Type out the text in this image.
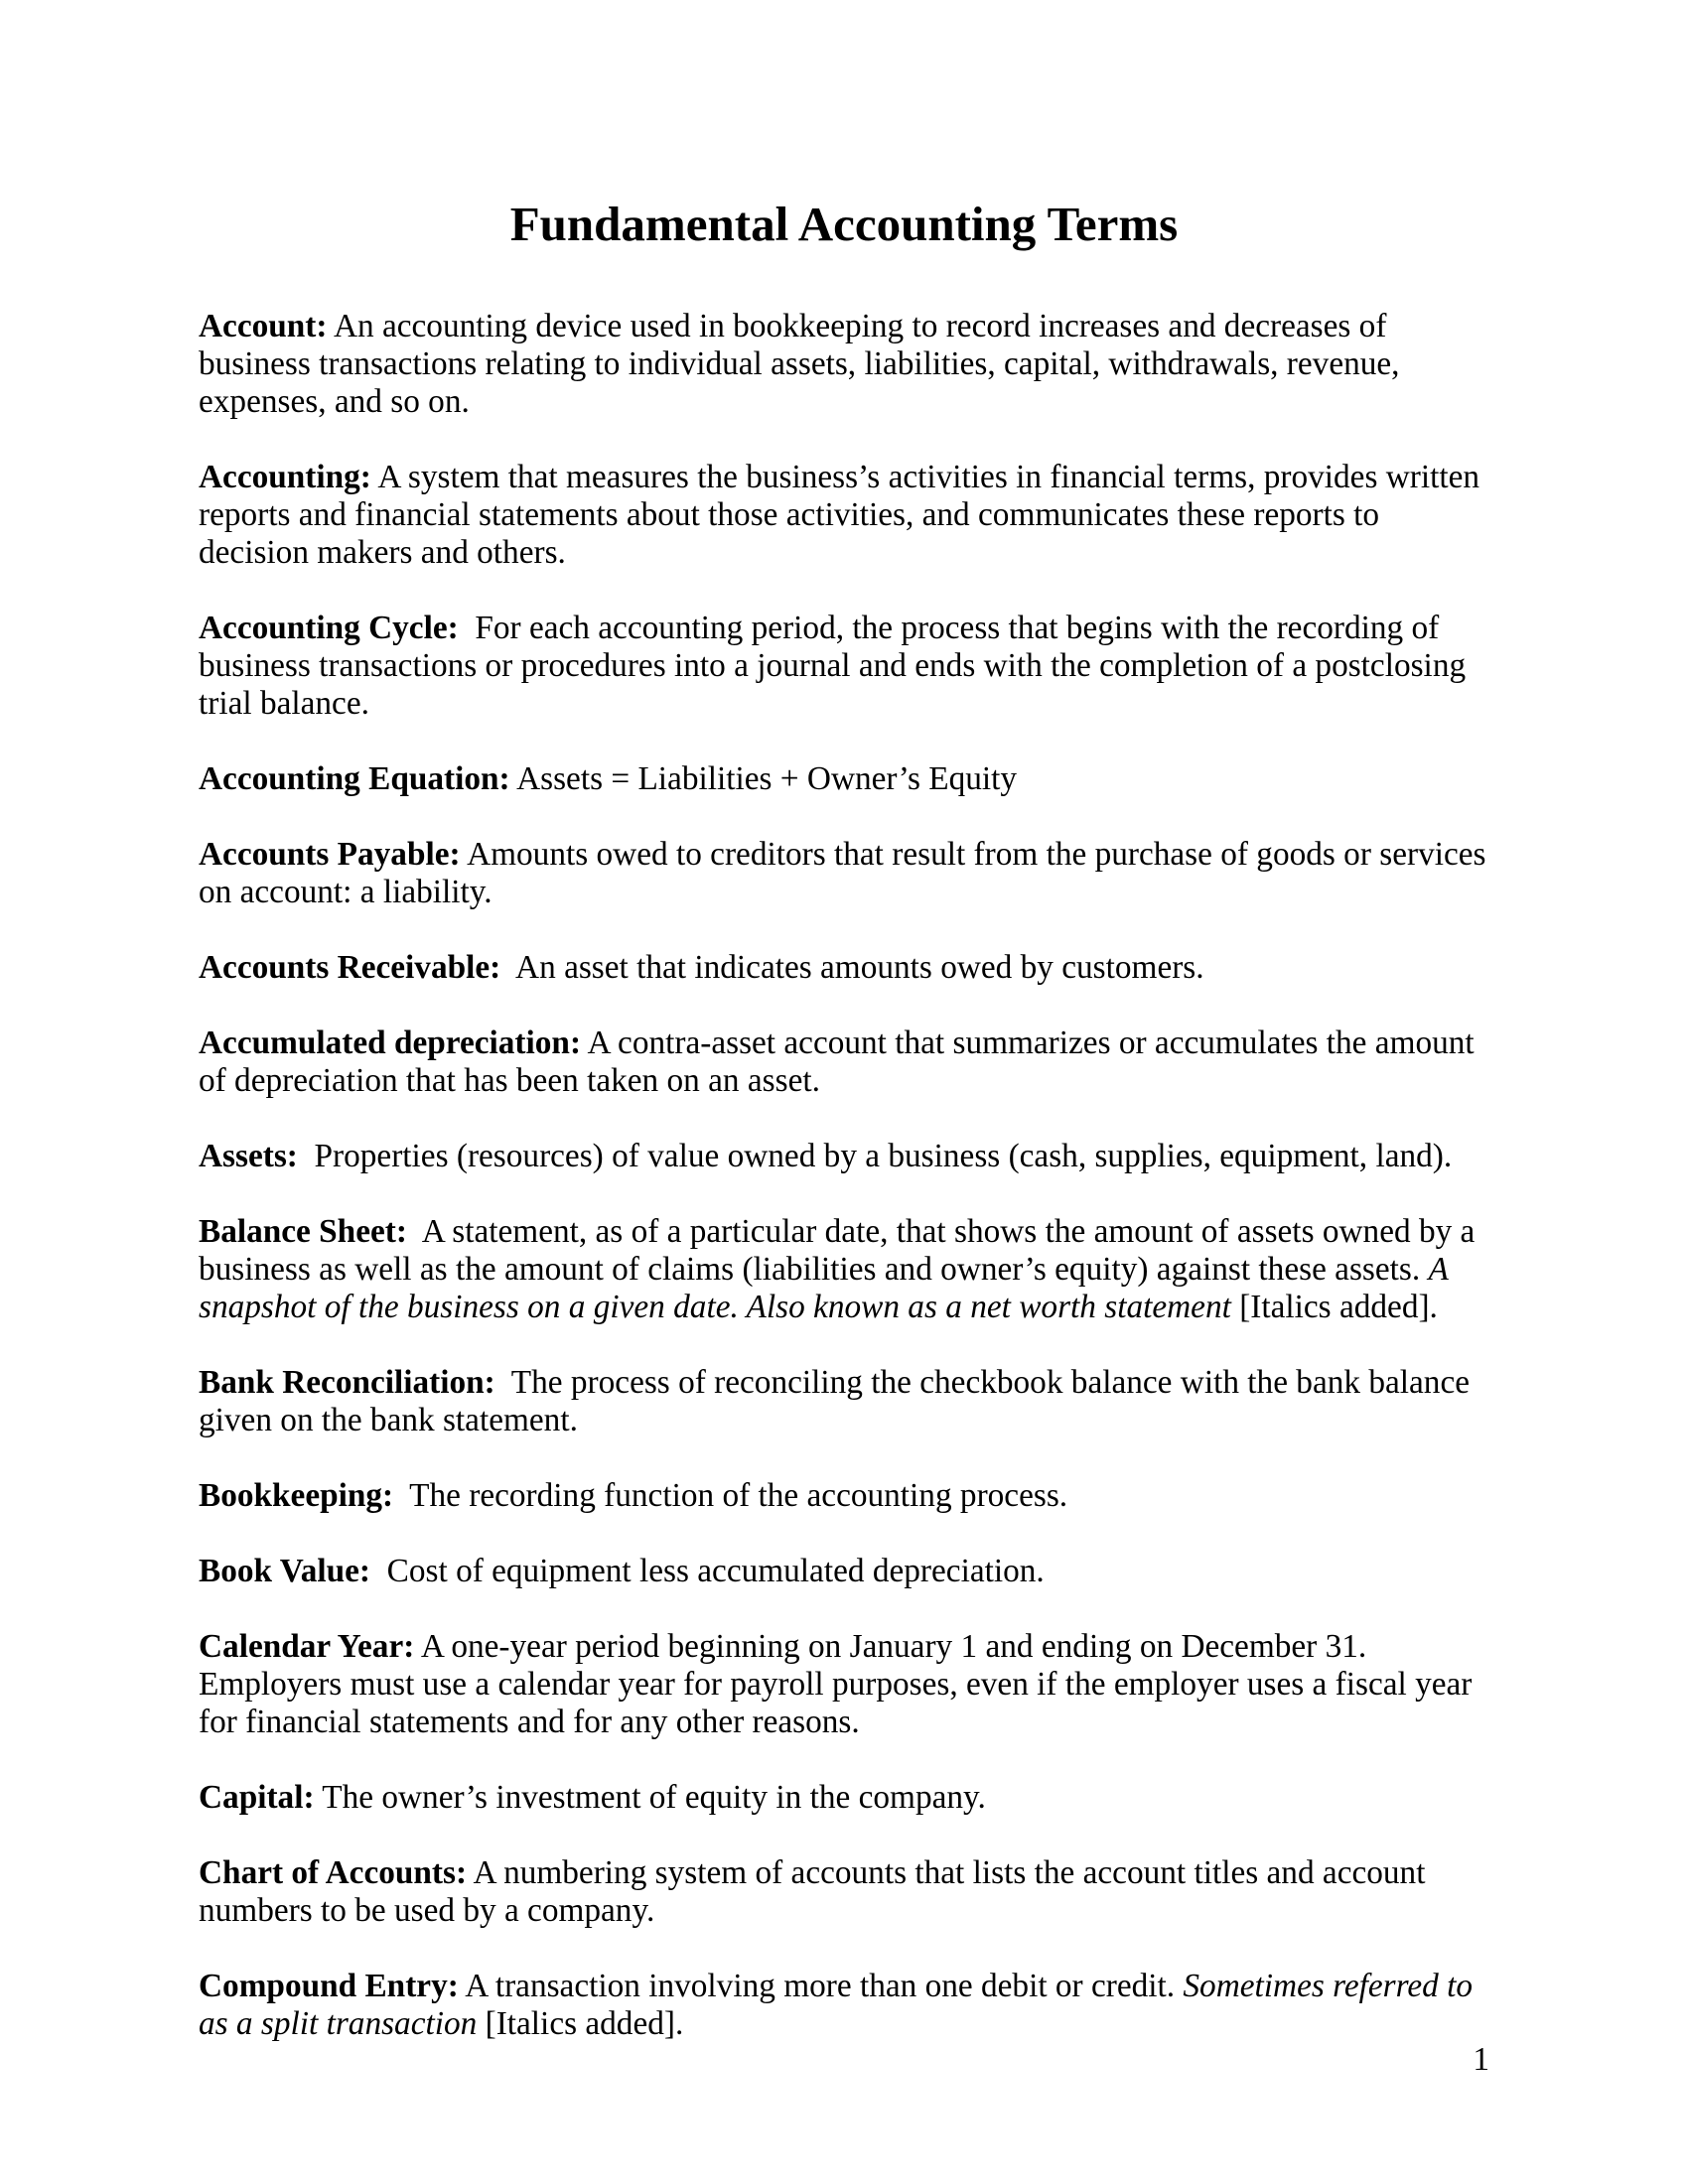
Fundamental Accounting Terms

Account: An accounting device used in bookkeeping to record increases and decreases of business transactions relating to individual assets, liabilities, capital, withdrawals, revenue, expenses, and so on.

Accounting: A system that measures the business’s activities in financial terms, provides written reports and financial statements about those activities, and communicates these reports to decision makers and others.

Accounting Cycle:  For each accounting period, the process that begins with the recording of business transactions or procedures into a journal and ends with the completion of a postclosing trial balance.

Accounting Equation: Assets = Liabilities + Owner’s Equity

Accounts Payable: Amounts owed to creditors that result from the purchase of goods or services on account: a liability.

Accounts Receivable:  An asset that indicates amounts owed by customers.

Accumulated depreciation: A contra-asset account that summarizes or accumulates the amount of depreciation that has been taken on an asset.

Assets:  Properties (resources) of value owned by a business (cash, supplies, equipment, land).

Balance Sheet:  A statement, as of a particular date, that shows the amount of assets owned by a business as well as the amount of claims (liabilities and owner’s equity) against these assets. A snapshot of the business on a given date. Also known as a net worth statement [Italics added].

Bank Reconciliation:  The process of reconciling the checkbook balance with the bank balance given on the bank statement.

Bookkeeping:  The recording function of the accounting process.

Book Value:  Cost of equipment less accumulated depreciation.

Calendar Year: A one-year period beginning on January 1 and ending on December 31. Employers must use a calendar year for payroll purposes, even if the employer uses a fiscal year for financial statements and for any other reasons.

Capital: The owner’s investment of equity in the company.

Chart of Accounts: A numbering system of accounts that lists the account titles and account numbers to be used by a company.

Compound Entry: A transaction involving more than one debit or credit. Sometimes referred to as a split transaction [Italics added].

1
